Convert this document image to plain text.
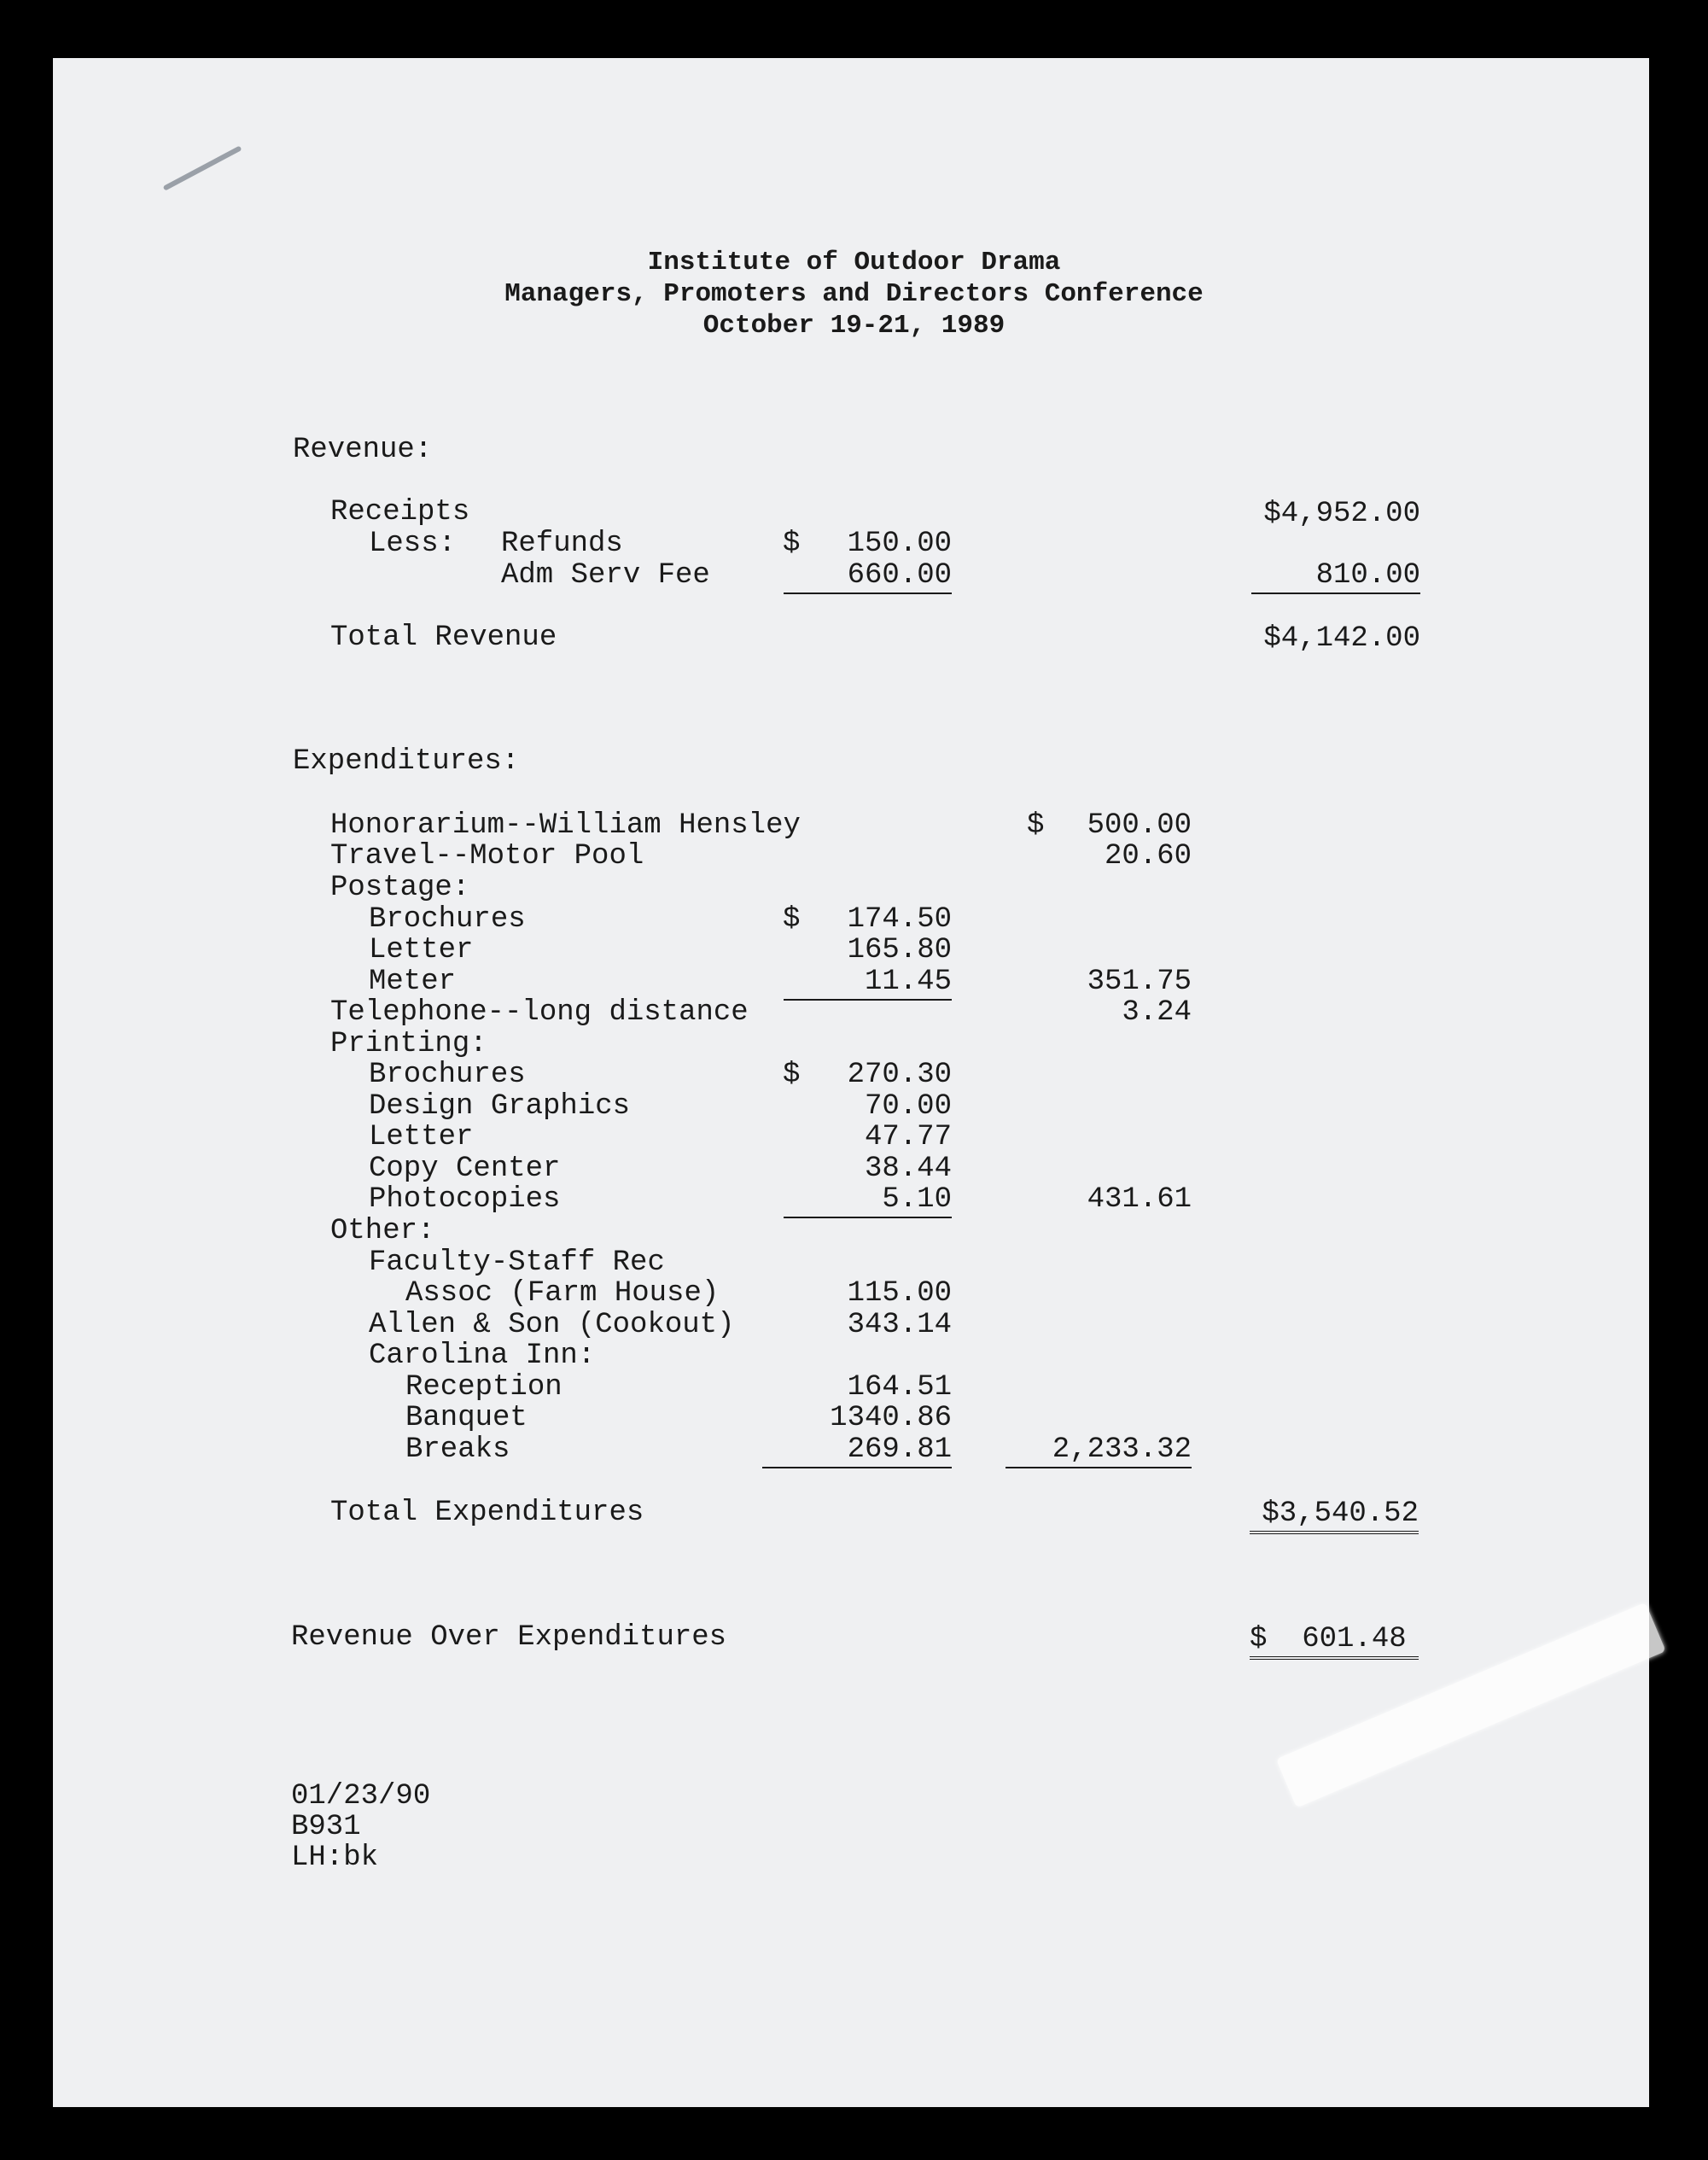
Institute of Outdoor Drama
Managers, Promoters and Directors Conference
October 19-21, 1989
Revenue:
Receipts	$4,952.00
Less: Refunds	$	150.00
Adm Serv Fee	660.00	810.00
Total Revenue	$4,142.00
Expenditures:
Honorarium--William Hensley	$	500.00
Travel--Motor Pool	20.60
Postage:
Brochures	$	174.50
Letter	165.80
Meter	11.45	351.75
Telephone--long distance	3.24
Printing:
Brochures	$	270.30
Design Graphics	70.00
Letter	47.77
Copy Center	38.44
Photocopies	5.10	431.61
Other:
Faculty-Staff Rec
Assoc (Farm House)	115.00
Allen & Son (Cookout)	343.14
Carolina Inn:
Reception	164.51
Banquet	1340.86
Breaks	269.81	2,233.32
Total Expenditures	$3,540.52
Revenue Over Expenditures	$  601.48
01/23/90
B931
LH:bk
